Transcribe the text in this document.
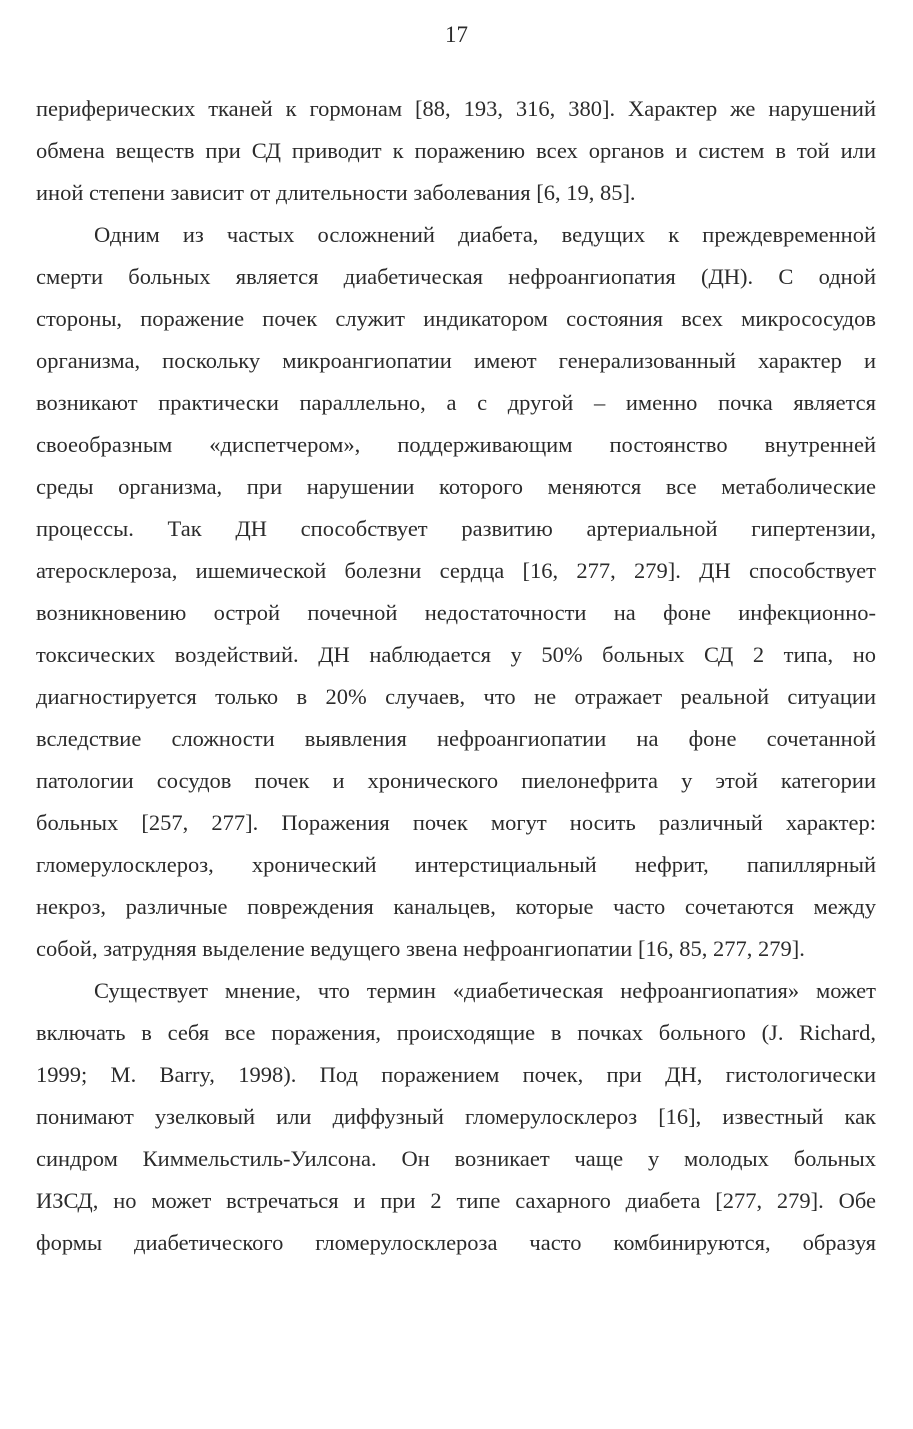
17
периферических тканей к гормонам [88, 193, 316, 380]. Характер же нарушений
обмена веществ при СД приводит к поражению всех органов и систем в той или
иной степени зависит от длительности заболевания [6, 19, 85].
Одним из частых осложнений диабета, ведущих к преждевременной
смерти больных является диабетическая нефроангиопатия (ДН). С одной
стороны, поражение почек служит индикатором состояния всех микрососудов
организма, поскольку микроангиопатии имеют генерализованный характер и
возникают практически параллельно, а с другой – именно почка является
своеобразным «диспетчером», поддерживающим постоянство внутренней
среды организма, при нарушении которого меняются все метаболические
процессы. Так ДН способствует развитию артериальной гипертензии,
атеросклероза, ишемической болезни сердца [16, 277, 279]. ДН способствует
возникновению острой почечной недостаточности на фоне инфекционно-
токсических воздействий. ДН наблюдается у 50% больных СД 2 типа, но
диагностируется только в 20% случаев, что не отражает реальной ситуации
вследствие сложности выявления нефроангиопатии на фоне сочетанной
патологии сосудов почек и хронического пиелонефрита у этой категории
больных [257, 277]. Поражения почек могут носить различный характер:
гломерулосклероз, хронический интерстициальный нефрит, папиллярный
некроз, различные повреждения канальцев, которые часто сочетаются между
собой, затрудняя выделение ведущего звена нефроангиопатии [16, 85, 277, 279].
Существует мнение, что термин «диабетическая нефроангиопатия» может
включать в себя все поражения, происходящие в почках больного (J. Richard,
1999; M. Barry, 1998). Под поражением почек, при ДН, гистологически
понимают узелковый или диффузный гломерулосклероз [16], известный как
синдром Киммельстиль-Уилсона. Он возникает чаще у молодых больных
ИЗСД, но может встречаться и при 2 типе сахарного диабета [277, 279]. Обе
формы диабетического гломерулосклероза часто комбинируются, образуя
